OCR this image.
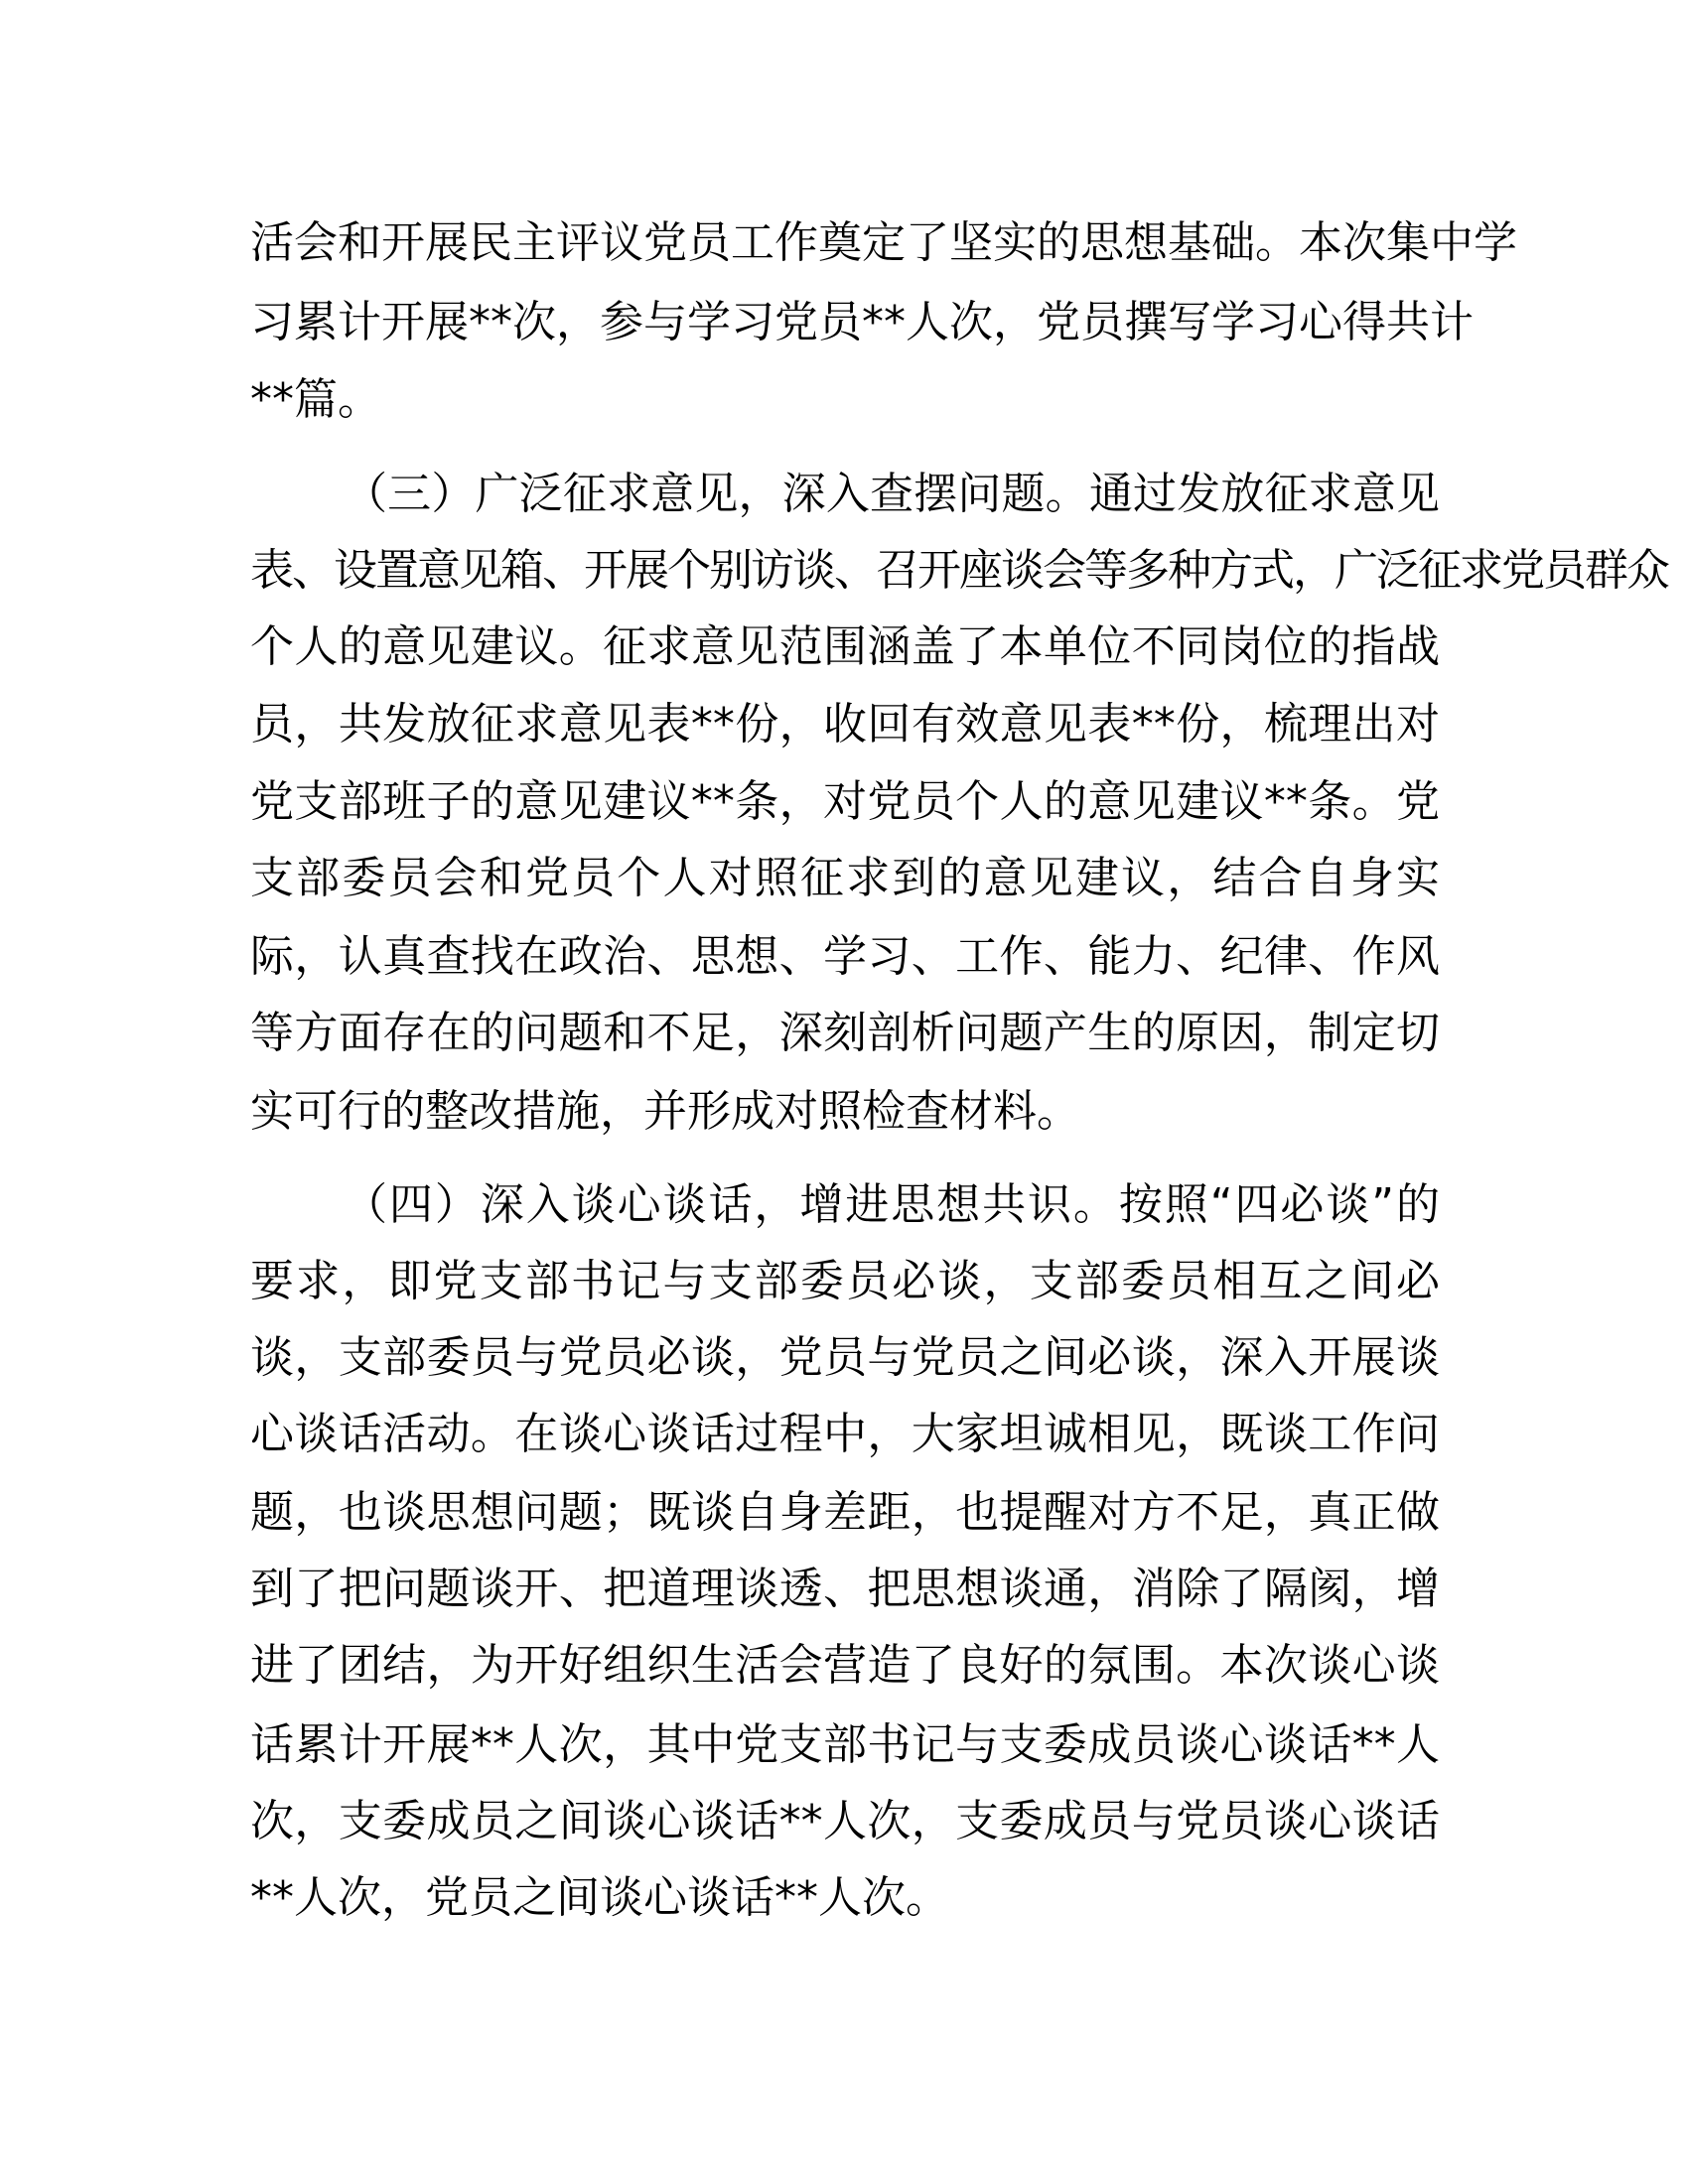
活会和开展民主评议党员工作奠定了坚实的思想基础。本次集中学
习累计开展**次，参与学习党员**人次，党员撰写学习心得共计
**篇。
（三）广泛征求意见，深入查摆问题。通过发放征求意见
表、设置意见箱、开展个别访谈、召开座谈会等多种方式，广泛征求党员群众
个人的意见建议。征求意见范围涵盖了本单位不同岗位的指战
员，共发放征求意见表**份，收回有效意见表**份，梳理出对
党支部班子的意见建议**条，对党员个人的意见建议**条。党
支部委员会和党员个人对照征求到的意见建议，结合自身实
际，认真查找在政治、思想、学习、工作、能力、纪律、作风
等方面存在的问题和不足，深刻剖析问题产生的原因，制定切
实可行的整改措施，并形成对照检查材料。
（四）深入谈心谈话，增进思想共识。按照“四必谈”的
要求，即党支部书记与支部委员必谈，支部委员相互之间必
谈，支部委员与党员必谈，党员与党员之间必谈，深入开展谈
心谈话活动。在谈心谈话过程中，大家坦诚相见，既谈工作问
题，也谈思想问题；既谈自身差距，也提醒对方不足，真正做
到了把问题谈开、把道理谈透、把思想谈通，消除了隔阂，增
进了团结，为开好组织生活会营造了良好的氛围。本次谈心谈
话累计开展**人次，其中党支部书记与支委成员谈心谈话**人
次，支委成员之间谈心谈话**人次，支委成员与党员谈心谈话
**人次，党员之间谈心谈话**人次。
